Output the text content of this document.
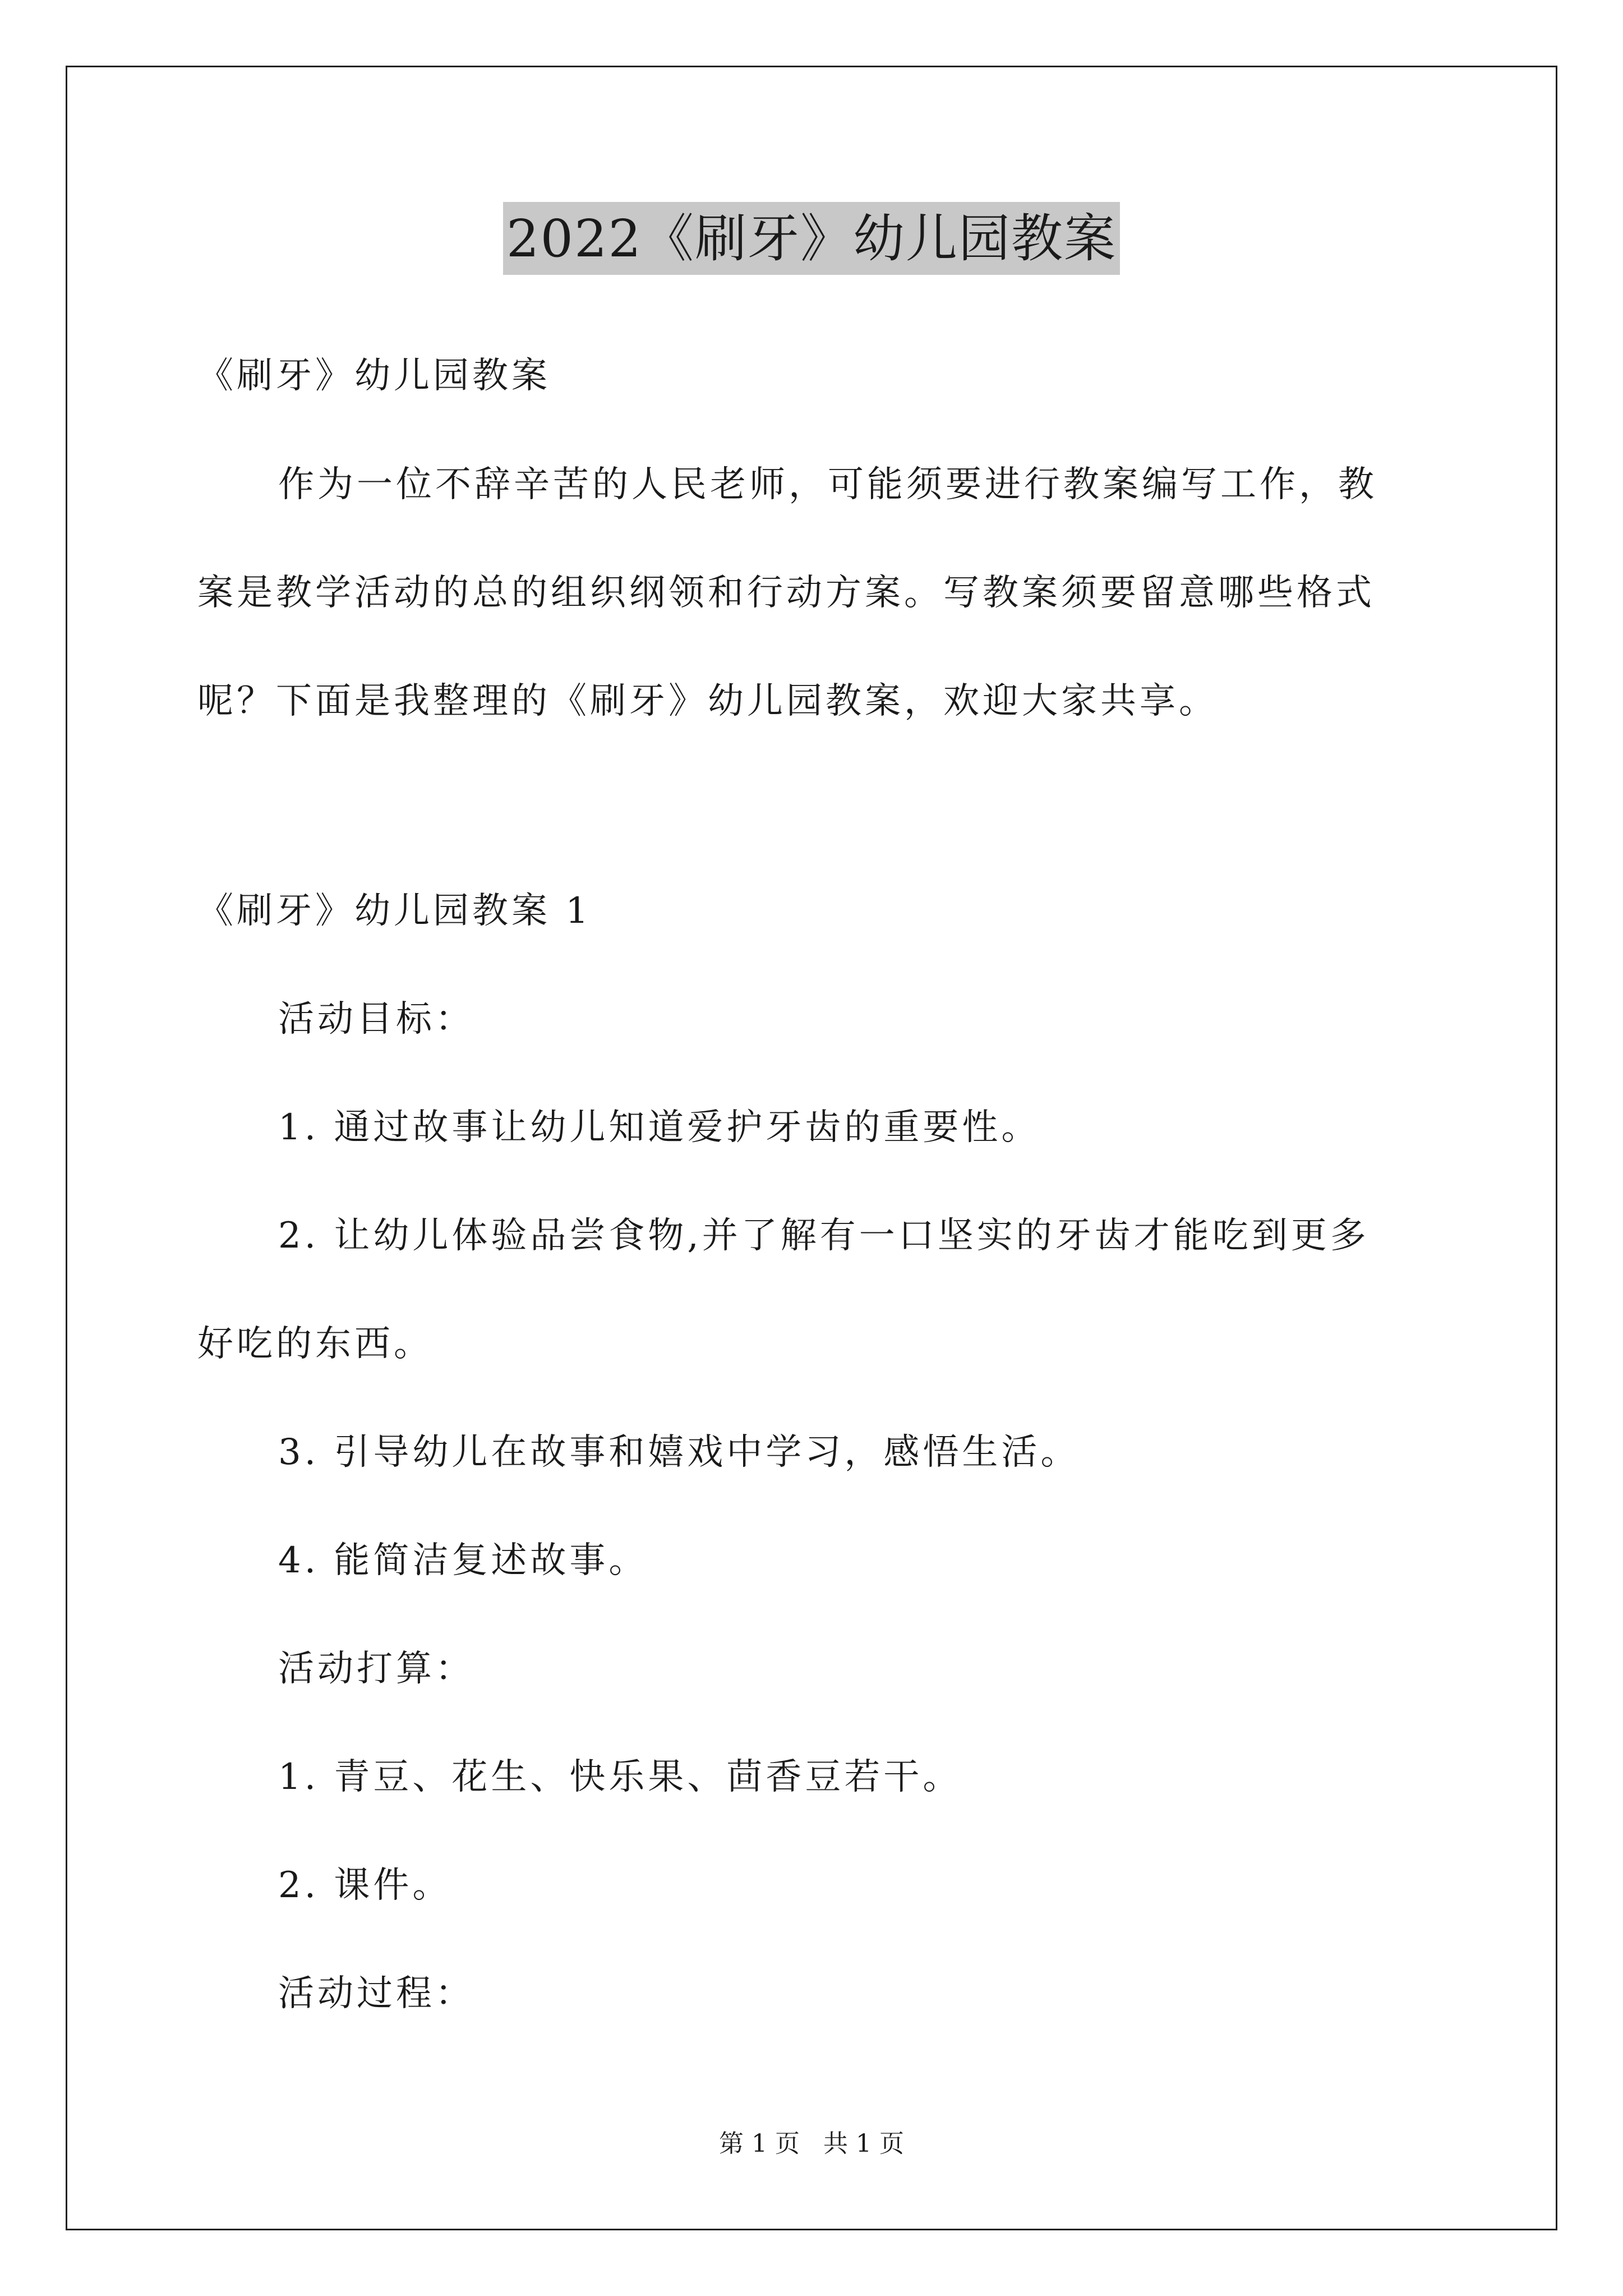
2022《刷牙》幼儿园教案
《刷牙》幼儿园教案
作为一位不辞辛苦的人民老师，可能须要进行教案编写工作，教
案是教学活动的总的组织纲领和行动方案。写教案须要留意哪些格式
呢？下面是我整理的《刷牙》幼儿园教案，欢迎大家共享。
《刷牙》幼儿园教案 1
活动目标：
1. 通过故事让幼儿知道爱护牙齿的重要性。
2. 让幼儿体验品尝食物,并了解有一口坚实的牙齿才能吃到更多
好吃的东西。
3. 引导幼儿在故事和嬉戏中学习，感悟生活。
4. 能简洁复述故事。
活动打算：
1. 青豆、花生、快乐果、茴香豆若干。
2. 课件。
活动过程：
第 1 页   共 1 页
